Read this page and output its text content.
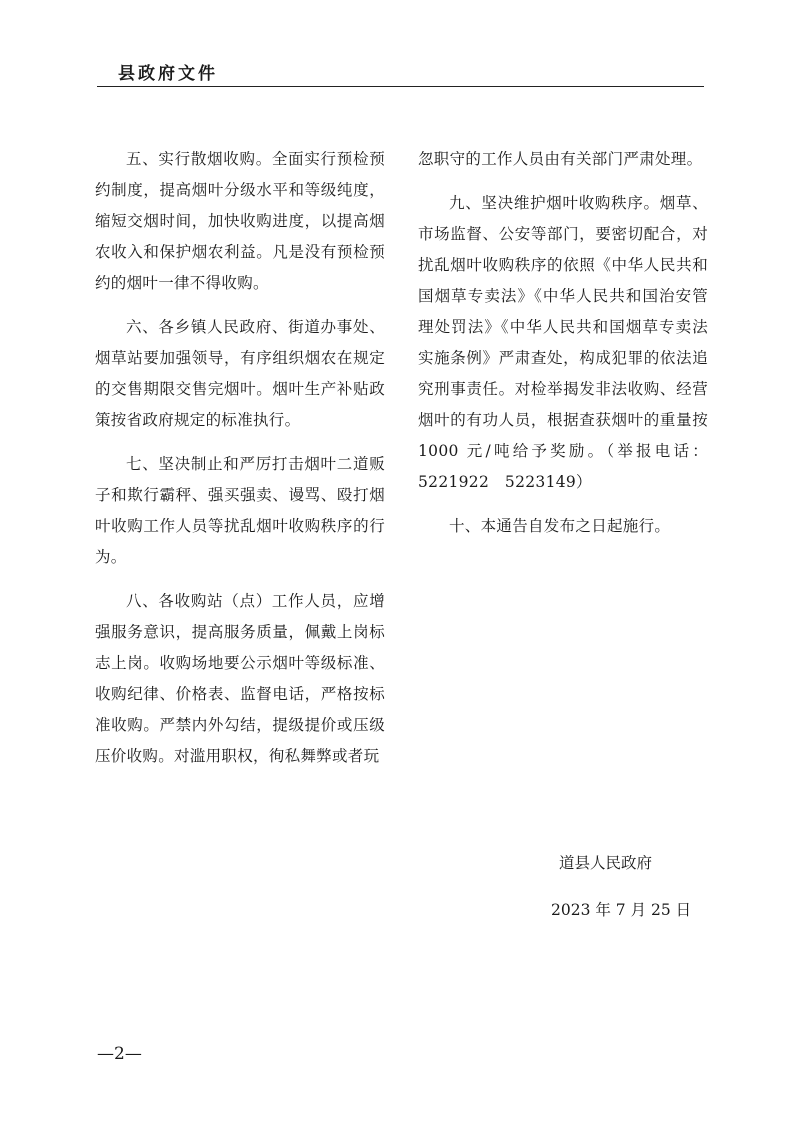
县政府文件

五、实行散烟收购。全面实行预检预约制度，提高烟叶分级水平和等级纯度，缩短交烟时间，加快收购进度，以提高烟农收入和保护烟农利益。凡是没有预检预约的烟叶一律不得收购。

六、各乡镇人民政府、街道办事处、烟草站要加强领导，有序组织烟农在规定的交售期限交售完烟叶。烟叶生产补贴政策按省政府规定的标准执行。

七、坚决制止和严厉打击烟叶二道贩子和欺行霸秤、强买强卖、谩骂、殴打烟叶收购工作人员等扰乱烟叶收购秩序的行为。

八、各收购站（点）工作人员，应增强服务意识，提高服务质量，佩戴上岗标志上岗。收购场地要公示烟叶等级标准、收购纪律、价格表、监督电话，严格按标准收购。严禁内外勾结，提级提价或压级压价收购。对滥用职权，徇私舞弊或者玩

忽职守的工作人员由有关部门严肃处理。

九、坚决维护烟叶收购秩序。烟草、市场监督、公安等部门，要密切配合，对扰乱烟叶收购秩序的依照《中华人民共和国烟草专卖法》《中华人民共和国治安管理处罚法》《中华人民共和国烟草专卖法实施条例》严肃查处，构成犯罪的依法追究刑事责任。对检举揭发非法收购、经营烟叶的有功人员，根据查获烟叶的重量按1000 元/吨给予奖励。（举报电话：5221922　5223149）

十、本通告自发布之日起施行。

道县人民政府
2023 年 7 月 25 日
—2—
